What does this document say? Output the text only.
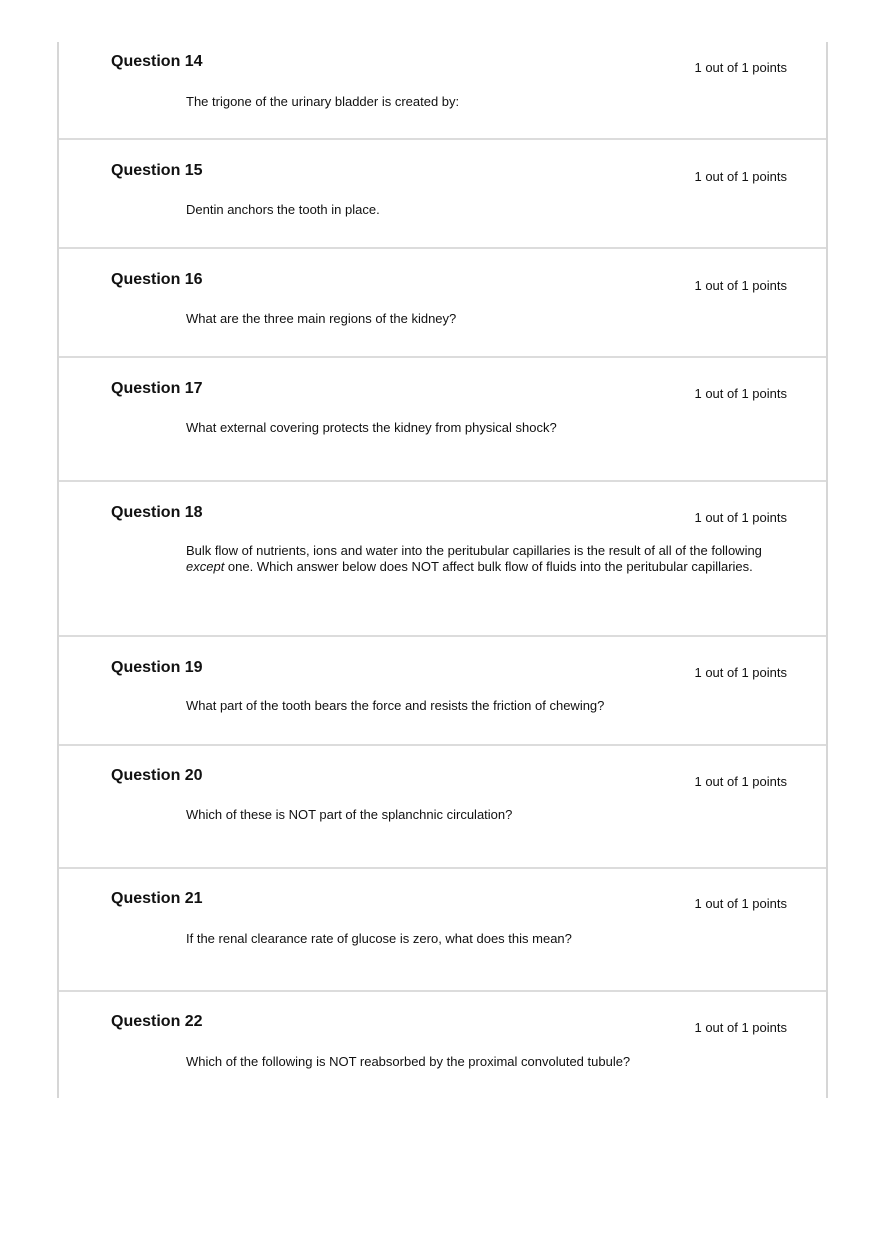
Question 14	1 out of 1 points
The trigone of the urinary bladder is created by:
Question 15	1 out of 1 points
Dentin anchors the tooth in place.
Question 16	1 out of 1 points
What are the three main regions of the kidney?
Question 17	1 out of 1 points
What external covering protects the kidney from physical shock?
Question 18	1 out of 1 points
Bulk flow of nutrients, ions and water into the peritubular capillaries is the result of all of the following except one. Which answer below does NOT affect bulk flow of fluids into the peritubular capillaries.
Question 19	1 out of 1 points
What part of the tooth bears the force and resists the friction of chewing?
Question 20	1 out of 1 points
Which of these is NOT part of the splanchnic circulation?
Question 21	1 out of 1 points
If the renal clearance rate of glucose is zero, what does this mean?
Question 22	1 out of 1 points
Which of the following is NOT reabsorbed by the proximal convoluted tubule?
